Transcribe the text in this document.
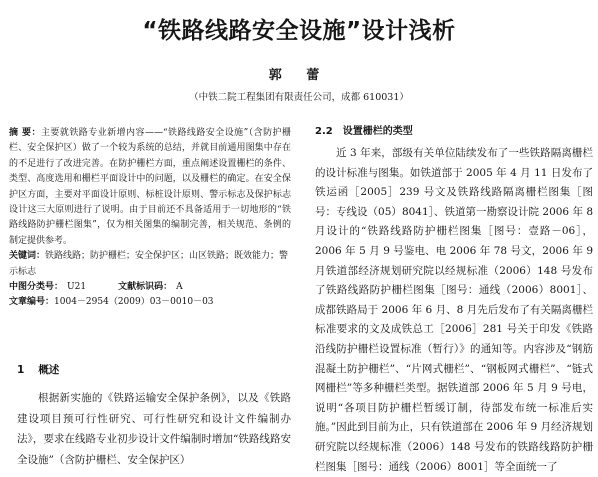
“铁路线路安全设施”设计浅析
郭 蕾
（中铁二院工程集团有限责任公司，成都 610031）

摘 要：主要就铁路专业新增内容——“铁路线路安全设施”（含防护栅栏、安全保护区）做了一个较为系统的总结，并就目前通用图集中存在的不足进行了改进完善。在防护栅栏方面，重点阐述设置栅栏的条件、类型、高度选用和栅栏平面设计中的问题，以及栅栏的确定。在安全保护区方面，主要对平面设计原则、标桩设计原则、警示标志及保护标志设计这三大原则进行了说明。由于目前还不具备适用于一切地形的“铁路线路防护栅栏图集”，仅为相关图集的编制完善，相关规范、条例的制定提供参考。

关键词：铁路线路；防护栅栏；安全保护区；山区铁路；既效能力；警示标志

中图分类号： U21	文献标识码： A

文章编号：1004－2954（2009）03－0010－03

1 概述

根据新实施的《铁路运输安全保护条例》，以及《铁路建设项目预可行性研究、可行性研究和设计文件编制办法》，要求在线路专业初步设计文件编制时增加“铁路线路安全设施”（含防护栅栏、安全保护区）

2.2 设置栅栏的类型

近 3 年来，部级有关单位陆续发布了一些铁路隔离栅栏的设计标准与图集。如铁道部于 2005 年 4 月 11 日发布了铁运函［2005］239 号文及铁路线路隔离栅栏图集［图号：专线设（05）8041］、铁道第一勘察设计院 2006 年 8 月设计的“铁路线路防护栅栏图集［图号：壹路－06］，2006 年 5 月 9 号鉴电、电 2006 年 78 号文，2006 年 9 月铁道部经济规划研究院以经规标准（2006）148 号发布了铁路线路防护栅栏图集［图号：通线（2006）8001］、成都铁路局于 2006 年 6 月、8 月先后发布了有关隔离栅栏标准要求的文及成铁总工［2006］281 号关于印发《铁路沿线防护栅栏设置标准（暂行）》的通知等。内容涉及“钢筋混凝土防护栅栏”、“片网式栅栏”、“钢板网式栅栏”、“链式网栅栏”等多种栅栏类型。据铁道部 2006 年 5 月 9 号电，说明“各项目防护栅栏暂缓订制，待部发布统一标准后实施。”因此到目前为止，只有铁道部在 2006 年 9 月经济规划研究院以经规标准（2006）148 号发布的铁路线路防护栅栏图集［图号：通线（2006）8001］等全面统一了
